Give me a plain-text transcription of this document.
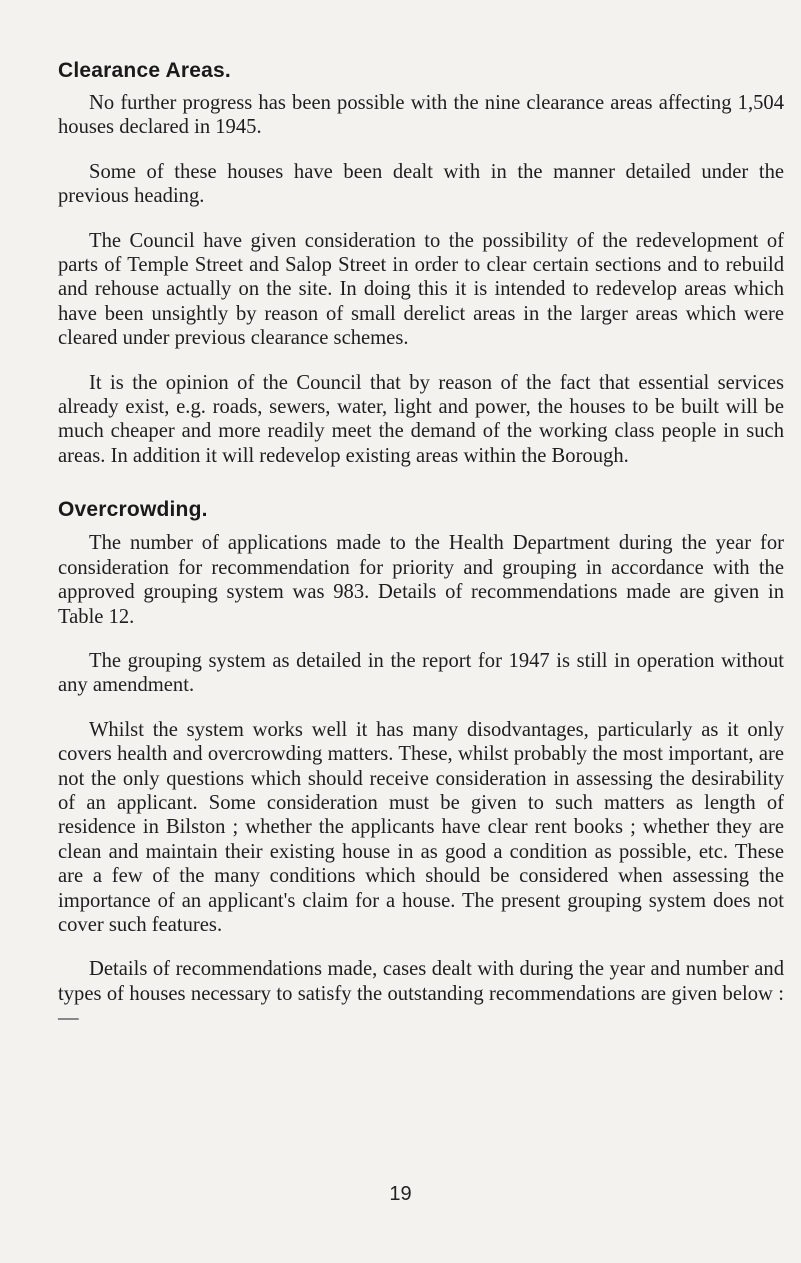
Clearance Areas.

No further progress has been possible with the nine clearance areas affecting 1,504 houses declared in 1945.

Some of these houses have been dealt with in the manner detailed under the previous heading.

The Council have given consideration to the possibility of the redevelopment of parts of Temple Street and Salop Street in order to clear certain sections and to rebuild and rehouse actually on the site. In doing this it is intended to redevelop areas which have been unsightly by reason of small derelict areas in the larger areas which were cleared under previous clearance schemes.

It is the opinion of the Council that by reason of the fact that essential services already exist, e.g. roads, sewers, water, light and power, the houses to be built will be much cheaper and more readily meet the demand of the working class people in such areas. In addition it will redevelop existing areas within the Borough.

Overcrowding.

The number of applications made to the Health Department during the year for consideration for recommendation for priority and grouping in accordance with the approved grouping system was 983. Details of recommendations made are given in Table 12.

The grouping system as detailed in the report for 1947 is still in operation without any amendment.

Whilst the system works well it has many disodvantages, particularly as it only covers health and overcrowding matters. These, whilst probably the most important, are not the only questions which should receive consideration in assessing the desirability of an applicant. Some consideration must be given to such matters as length of residence in Bilston ; whether the applicants have clear rent books ; whether they are clean and maintain their existing house in as good a condition as possible, etc. These are a few of the many conditions which should be considered when assessing the importance of an applicant's claim for a house. The present grouping system does not cover such features.

Details of recommendations made, cases dealt with during the year and number and types of houses necessary to satisfy the outstanding recommendations are given below :—

19
